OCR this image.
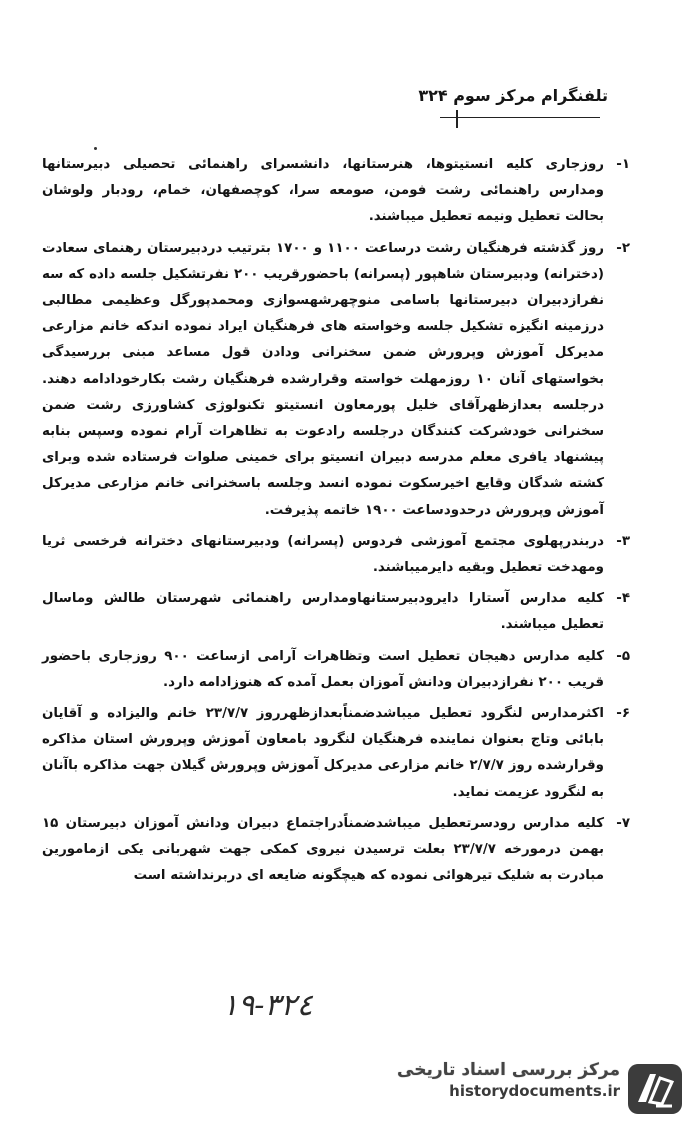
تلفنگرام مرکز سوم ۳۲۴
۱-
روزجاری کلیه انستیتوها، هنرستانها، دانشسرای راهنمائی تحصیلی دبیرستانها ومدارس راهنمائی رشت فومن، صومعه سرا، کوچصفهان، خمام، رودبار ولوشان بحالت تعطیل ونیمه تعطیل میباشند.
۲-
روز گذشته فرهنگیان رشت درساعت ۱۱۰۰ و ۱۷۰۰ بترتیب دردبیرستان رهنمای سعادت (دخترانه) ودبیرستان شاهپور (پسرانه) باحضورقریب ۲۰۰ نفرتشکیل جلسه داده که سه نفرازدبیران دبیرستانها باسامی منوچهرشهسوازی ومحمدپورگل وعظیمی مطالبی درزمینه انگیزه تشکیل جلسه وخواسته های فرهنگیان ایراد نموده اندکه خانم مزارعی مدیرکل آموزش وپرورش ضمن سخنرانی ودادن قول مساعد مبنی بررسیدگی بخواستهای آنان ۱۰ روزمهلت خواسته وقرارشده فرهنگیان رشت بکارخودادامه دهند. درجلسه بعدازظهرآقای خلیل پورمعاون انستیتو تکنولوژی کشاورزی رشت ضمن سخنرانی خودشرکت کنندگان درجلسه رادعوت به تظاهرات آرام نموده وسپس بنابه پیشنهاد یافری معلم مدرسه دبیران انسیتو برای خمینی صلوات فرستاده شده وبرای کشته شدگان وقایع اخیرسکوت نموده انسد وجلسه باسخنرانی خانم مزارعی مدیرکل آموزش وپرورش درحدودساعت ۱۹۰۰ خاتمه پذیرفت.
۳-
دربندرپهلوی مجتمع آموزشی فردوس (پسرانه) ودبیرستانهای دخترانه فرخسی ثریا ومهدخت تعطیل وبقیه دایرمیباشند.
۴-
کلیه مدارس آستارا دایرودبیرستانهاومدارس راهنمائی شهرستان طالش وماسال تعطیل میباشند.
۵-
کلیه مدارس دهیجان تعطیل است وتظاهرات آرامی ازساعت ۹۰۰ روزجاری باحضور قریب ۲۰۰ نفرازدبیران ودانش آموزان بعمل آمده که هنوزادامه دارد.
۶-
اکثرمدارس لنگرود تعطیل میباشدضمناًبعدازظهرروز ۲۳/۷/۷ خانم والیزاده و آقایان بابائی وتاج بعنوان نماینده فرهنگیان لنگرود بامعاون آموزش وپرورش استان مذاکره وقرارشده روز ۲/۷/۷ خانم مزارعی مدیرکل آموزش وپرورش گیلان جهت مذاکره باآنان به لنگرود عزیمت نماید.
۷-
کلیه مدارس رودسرتعطیل میباشدضمناًدراجتماع دبیران ودانش آموزان دبیرستان ۱۵ بهمن درمورخه ۲۳/۷/۷ بعلت ترسیدن نیروی کمکی جهت شهربانی یکی ازمامورین مبادرت به شلیک تیرهوائی نموده که هیچگونه ضایعه ای دربرنداشته است
٣٢٤-١٩
مرکز بررسی اسناد تاریخی
historydocuments.ir
